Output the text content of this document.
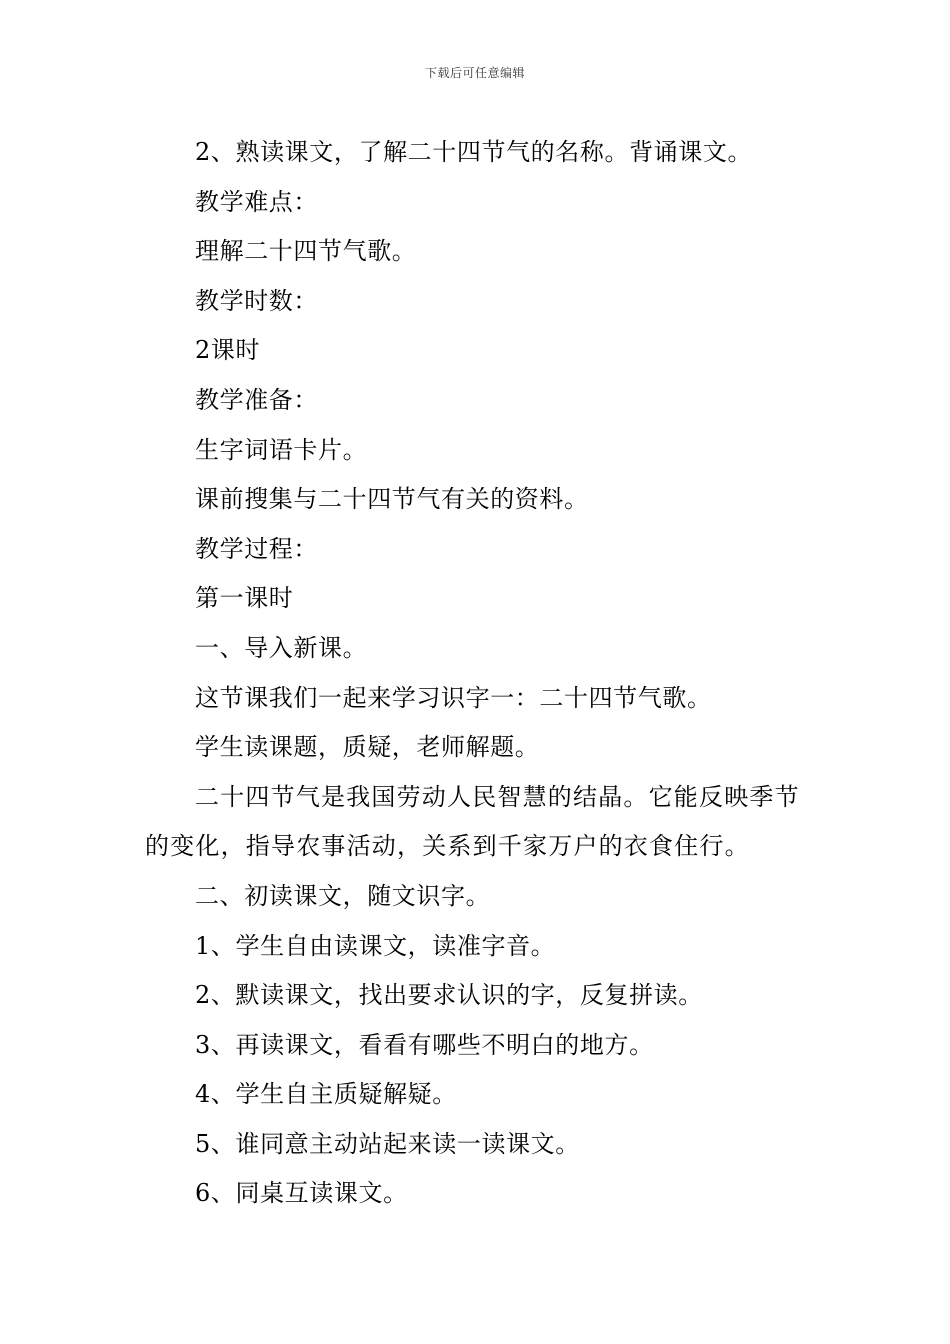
下载后可任意编辑

2、熟读课文，了解二十四节气的名称。背诵课文。

教学难点：

理解二十四节气歌。

教学时数：

2课时

教学准备：

生字词语卡片。

课前搜集与二十四节气有关的资料。

教学过程：

第一课时

一、导入新课。

这节课我们一起来学习识字一：二十四节气歌。

学生读课题，质疑，老师解题。

二十四节气是我国劳动人民智慧的结晶。它能反映季节的变化，指导农事活动，关系到千家万户的衣食住行。

二、初读课文，随文识字。

1、学生自由读课文，读准字音。

2、默读课文，找出要求认识的字，反复拼读。

3、再读课文，看看有哪些不明白的地方。

4、学生自主质疑解疑。

5、谁同意主动站起来读一读课文。

6、同桌互读课文。
